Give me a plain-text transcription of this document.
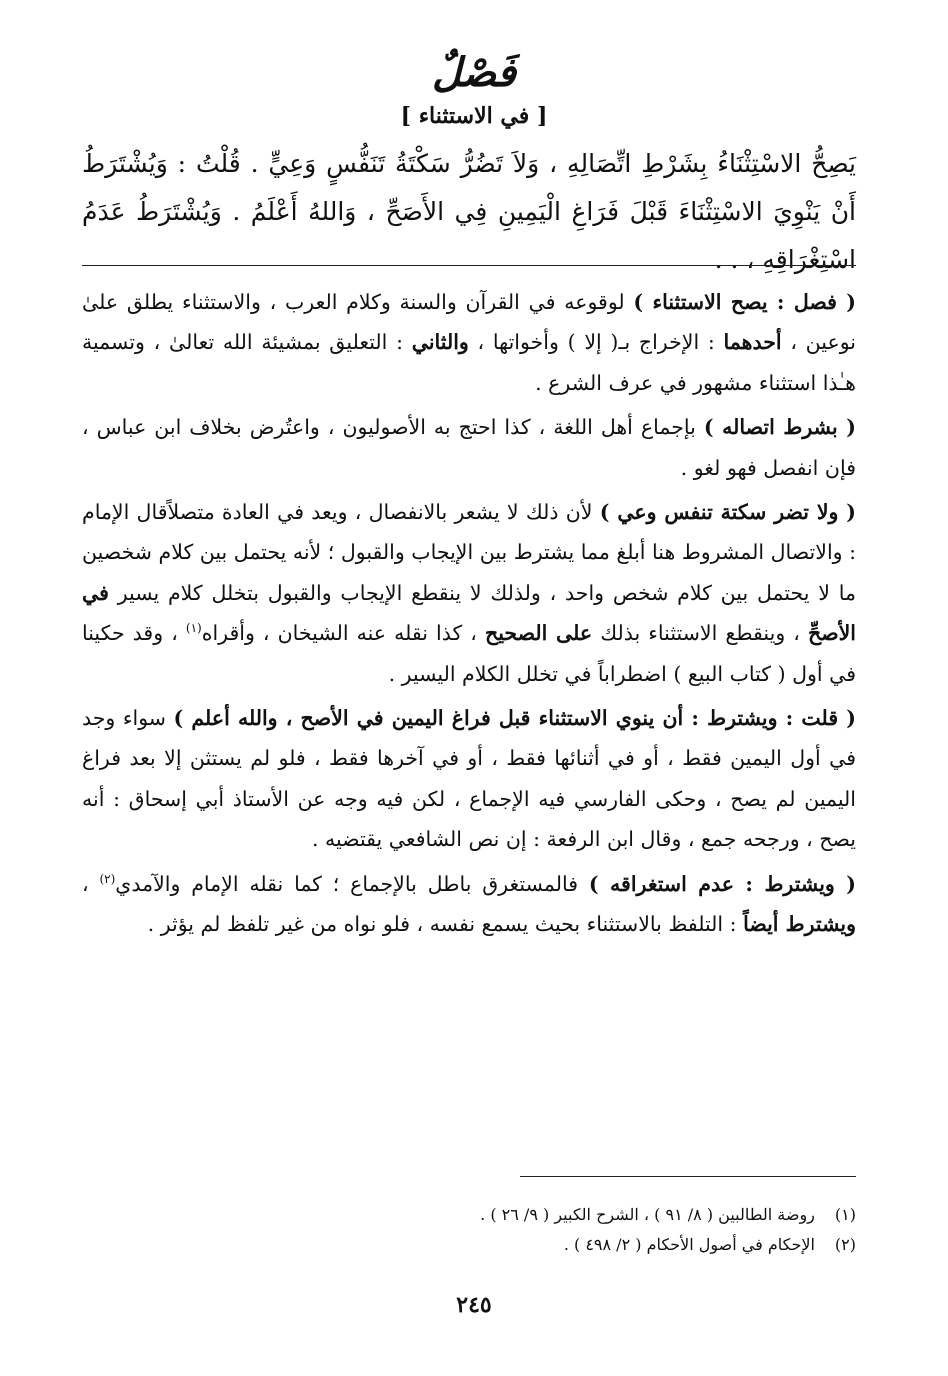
فَصْلٌ
[ في الاستثناء ]
يَصِحُّ الاسْتِثْنَاءُ بِشَرْطِ اتِّصَالِهِ ، وَلاَ تَضُرُّ سَكْتَةُ تَنَفُّسٍ وَعِيٍّ . قُلْتُ : وَيُشْتَرَطُ أَنْ يَنْوِيَ الاسْتِثْنَاءَ قَبْلَ فَرَاغِ الْيَمِينِ فِي الأَصَحِّ ، وَاللهُ أَعْلَمُ . وَيُشْتَرَطُ عَدَمُ اسْتِغْرَاقِهِ ، . .

( فصل : يصح الاستثناء ) لوقوعه في القرآن والسنة وكلام العرب ، والاستثناء يطلق علىٰ نوعين ، أحدهما : الإخراج بـ( إلا ) وأخواتها ، والثاني : التعليق بمشيئة الله تعالىٰ ، وتسمية هـٰذا استثناء مشهور في عرف الشرع .

( بشرط اتصاله ) بإجماع أهل اللغة ، كذا احتج به الأصوليون ، واعتُرض بخلاف ابن عباس ، فإن انفصل فهو لغو .

( ولا تضر سكتة تنفس وعي ) لأن ذلك لا يشعر بالانفصال ، ويعد في العادة متصلاًقال الإمام : والاتصال المشروط هنا أبلغ مما يشترط بين الإيجاب والقبول ؛ لأنه يحتمل بين كلام شخصين ما لا يحتمل بين كلام شخص واحد ، ولذلك لا ينقطع الإيجاب والقبول بتخلل كلام يسير في الأصحِّ ، وينقطع الاستثناء بذلك على الصحيح ، كذا نقله عنه الشيخان ، وأقراه$^{(١)}$ ، وقد حكينا في أول ( كتاب البيع ) اضطراباً في تخلل الكلام اليسير .

( قلت : ويشترط : أن ينوي الاستثناء قبل فراغ اليمين في الأصح ، والله أعلم ) سواء وجد في أول اليمين فقط ، أو في أثنائها فقط ، أو في آخرها فقط ، فلو لم يستثن إلا بعد فراغ اليمين لم يصح ، وحكى الفارسي فيه الإجماع ، لكن فيه وجه عن الأستاذ أبي إسحاق : أنه يصح ، ورجحه جمع ، وقال ابن الرفعة : إن نص الشافعي يقتضيه .

( ويشترط : عدم استغراقه ) فالمستغرق باطل بالإجماع ؛ كما نقله الإمام والآمدي$^{(٢)}$ ، ويشترط أيضاً : التلفظ بالاستثناء بحيث يسمع نفسه ، فلو نواه من غير تلفظ لم يؤثر .

(١) روضة الطالبين ( ٨/ ٩١ ) ، الشرح الكبير ( ٩/ ٢٦ ) .
(٢) الإحكام في أصول الأحكام ( ٢/ ٤٩٨ ) .
٢٤٥
